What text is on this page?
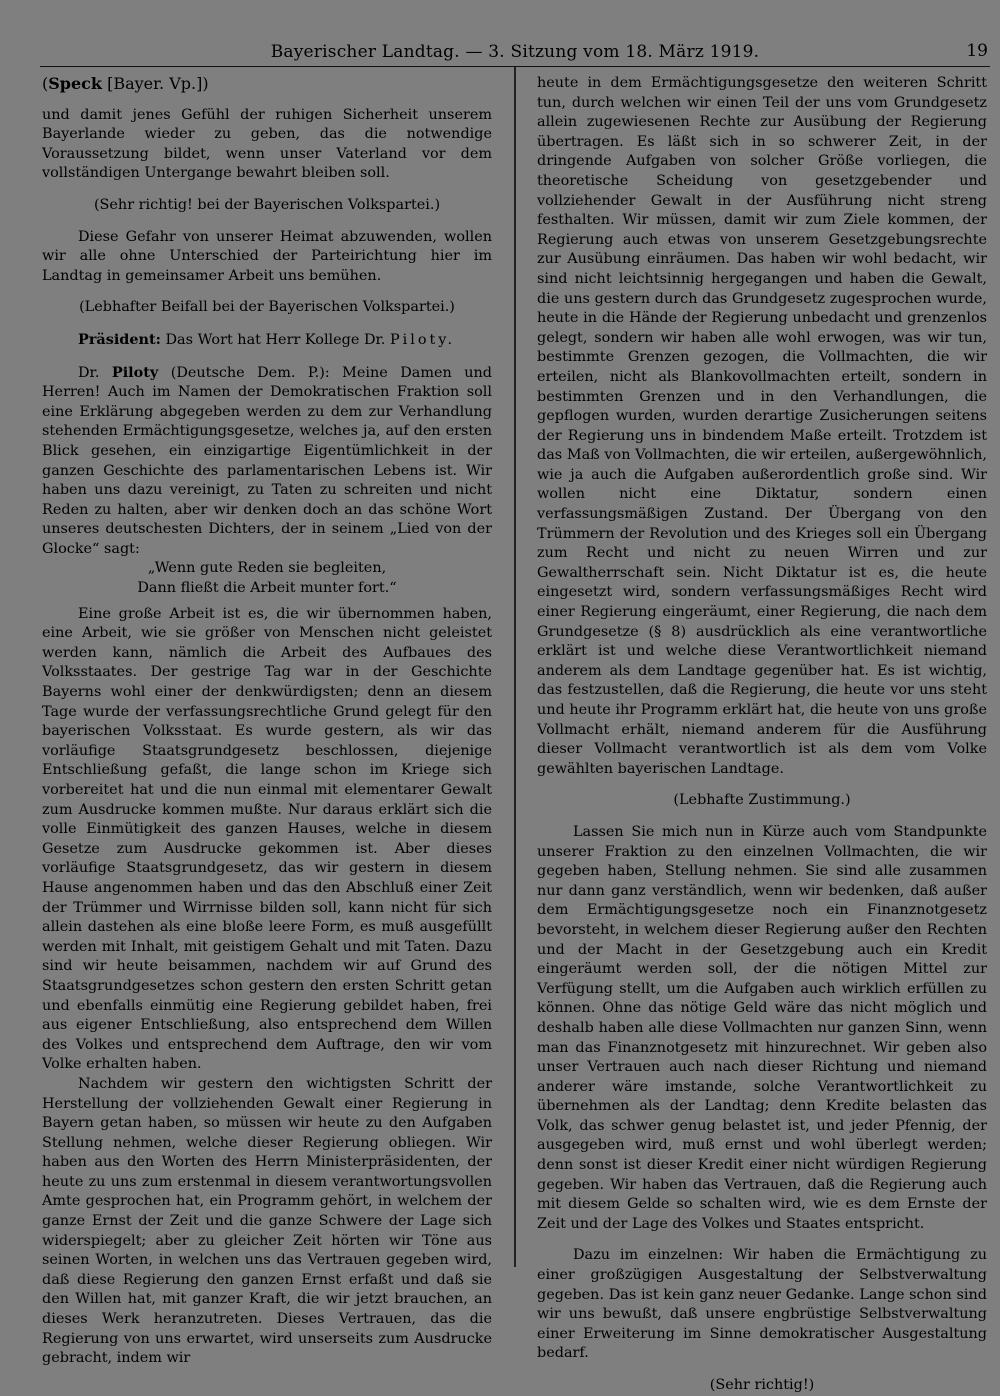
Bayerischer Landtag. — 3. Sitzung vom 18. März 1919.	19

(Speck [Bayer. Vp.])

und damit jenes Gefühl der ruhigen Sicherheit unserem Bayerlande wieder zu geben, das die notwendige Voraussetzung bildet, wenn unser Vaterland vor dem vollständigen Untergange bewahrt bleiben soll.

(Sehr richtig! bei der Bayerischen Volkspartei.)

Diese Gefahr von unserer Heimat abzuwenden, wollen wir alle ohne Unterschied der Parteirichtung hier im Landtag in gemeinsamer Arbeit uns bemühen.

(Lebhafter Beifall bei der Bayerischen Volkspartei.)

Präsident: Das Wort hat Herr Kollege Dr. Piloty.

Dr. Piloty (Deutsche Dem. P.): Meine Damen und Herren! Auch im Namen der Demokratischen Fraktion soll eine Erklärung abgegeben werden zu dem zur Verhandlung stehenden Ermächtigungsgesetze, welches ja, auf den ersten Blick gesehen, ein einzigartige Eigentümlichkeit in der ganzen Geschichte des parlamentarischen Lebens ist. Wir haben uns dazu vereinigt, zu Taten zu schreiten und nicht Reden zu halten, aber wir denken doch an das schöne Wort unseres deutschesten Dichters, der in seinem „Lied von der Glocke“ sagt:

„Wenn gute Reden sie begleiten,

Dann fließt die Arbeit munter fort.“

Eine große Arbeit ist es, die wir übernommen haben, eine Arbeit, wie sie größer von Menschen nicht geleistet werden kann, nämlich die Arbeit des Aufbaues des Volksstaates. Der gestrige Tag war in der Geschichte Bayerns wohl einer der denkwürdigsten; denn an diesem Tage wurde der verfassungsrechtliche Grund gelegt für den bayerischen Volksstaat. Es wurde gestern, als wir das vorläufige Staatsgrundgesetz beschlossen, diejenige Entschließung gefaßt, die lange schon im Kriege sich vorbereitet hat und die nun einmal mit elementarer Gewalt zum Ausdrucke kommen mußte. Nur daraus erklärt sich die volle Einmütigkeit des ganzen Hauses, welche in diesem Gesetze zum Ausdrucke gekommen ist. Aber dieses vorläufige Staatsgrundgesetz, das wir gestern in diesem Hause angenommen haben und das den Abschluß einer Zeit der Trümmer und Wirrnisse bilden soll, kann nicht für sich allein dastehen als eine bloße leere Form, es muß ausgefüllt werden mit Inhalt, mit geistigem Gehalt und mit Taten. Dazu sind wir heute beisammen, nachdem wir auf Grund des Staatsgrundgesetzes schon gestern den ersten Schritt getan und ebenfalls einmütig eine Regierung gebildet haben, frei aus eigener Entschließung, also entsprechend dem Willen des Volkes und entsprechend dem Auftrage, den wir vom Volke erhalten haben.

Nachdem wir gestern den wichtigsten Schritt der Herstellung der vollziehenden Gewalt einer Regierung in Bayern getan haben, so müssen wir heute zu den Aufgaben Stellung nehmen, welche dieser Regierung obliegen. Wir haben aus den Worten des Herrn Ministerpräsidenten, der heute zu uns zum erstenmal in diesem verantwortungsvollen Amte gesprochen hat, ein Programm gehört, in welchem der ganze Ernst der Zeit und die ganze Schwere der Lage sich widerspiegelt; aber zu gleicher Zeit hörten wir Töne aus seinen Worten, in welchen uns das Vertrauen gegeben wird, daß diese Regierung den ganzen Ernst erfaßt und daß sie den Willen hat, mit ganzer Kraft, die wir jetzt brauchen, an dieses Werk heranzutreten. Dieses Vertrauen, das die Regierung von uns erwartet, wird unserseits zum Ausdrucke gebracht, indem wir

heute in dem Ermächtigungsgesetze den weiteren Schritt tun, durch welchen wir einen Teil der uns vom Grundgesetz allein zugewiesenen Rechte zur Ausübung der Regierung übertragen. Es läßt sich in so schwerer Zeit, in der dringende Aufgaben von solcher Größe vorliegen, die theoretische Scheidung von gesetzgebender und vollziehender Gewalt in der Ausführung nicht streng festhalten. Wir müssen, damit wir zum Ziele kommen, der Regierung auch etwas von unserem Gesetzgebungsrechte zur Ausübung einräumen. Das haben wir wohl bedacht, wir sind nicht leichtsinnig hergegangen und haben die Gewalt, die uns gestern durch das Grundgesetz zugesprochen wurde, heute in die Hände der Regierung unbedacht und grenzenlos gelegt, sondern wir haben alle wohl erwogen, was wir tun, bestimmte Grenzen gezogen, die Vollmachten, die wir erteilen, nicht als Blankovollmachten erteilt, sondern in bestimmten Grenzen und in den Verhandlungen, die gepflogen wurden, wurden derartige Zusicherungen seitens der Regierung uns in bindendem Maße erteilt. Trotzdem ist das Maß von Vollmachten, die wir erteilen, außergewöhnlich, wie ja auch die Aufgaben außerordentlich große sind. Wir wollen nicht eine Diktatur, sondern einen verfassungsmäßigen Zustand. Der Übergang von den Trümmern der Revolution und des Krieges soll ein Übergang zum Recht und nicht zu neuen Wirren und zur Gewaltherrschaft sein. Nicht Diktatur ist es, die heute eingesetzt wird, sondern verfassungsmäßiges Recht wird einer Regierung eingeräumt, einer Regierung, die nach dem Grundgesetze (§ 8) ausdrücklich als eine verantwortliche erklärt ist und welche diese Verantwortlichkeit niemand anderem als dem Landtage gegenüber hat. Es ist wichtig, das festzustellen, daß die Regierung, die heute vor uns steht und heute ihr Programm erklärt hat, die heute von uns große Vollmacht erhält, niemand anderem für die Ausführung dieser Vollmacht verantwortlich ist als dem vom Volke gewählten bayerischen Landtage.

(Lebhafte Zustimmung.)

Lassen Sie mich nun in Kürze auch vom Standpunkte unserer Fraktion zu den einzelnen Vollmachten, die wir gegeben haben, Stellung nehmen. Sie sind alle zusammen nur dann ganz verständlich, wenn wir bedenken, daß außer dem Ermächtigungsgesetze noch ein Finanznotgesetz bevorsteht, in welchem dieser Regierung außer den Rechten und der Macht in der Gesetzgebung auch ein Kredit eingeräumt werden soll, der die nötigen Mittel zur Verfügung stellt, um die Aufgaben auch wirklich erfüllen zu können. Ohne das nötige Geld wäre das nicht möglich und deshalb haben alle diese Vollmachten nur ganzen Sinn, wenn man das Finanznotgesetz mit hinzurechnet. Wir geben also unser Vertrauen auch nach dieser Richtung und niemand anderer wäre imstande, solche Verantwortlichkeit zu übernehmen als der Landtag; denn Kredite belasten das Volk, das schwer genug belastet ist, und jeder Pfennig, der ausgegeben wird, muß ernst und wohl überlegt werden; denn sonst ist dieser Kredit einer nicht würdigen Regierung gegeben. Wir haben das Vertrauen, daß die Regierung auch mit diesem Gelde so schalten wird, wie es dem Ernste der Zeit und der Lage des Volkes und Staates entspricht.

Dazu im einzelnen: Wir haben die Ermächtigung zu einer großzügigen Ausgestaltung der Selbstverwaltung gegeben. Das ist kein ganz neuer Gedanke. Lange schon sind wir uns bewußt, daß unsere engbrüstige Selbstverwaltung einer Erweiterung im Sinne demokratischer Ausgestaltung bedarf.

(Sehr richtig!)
